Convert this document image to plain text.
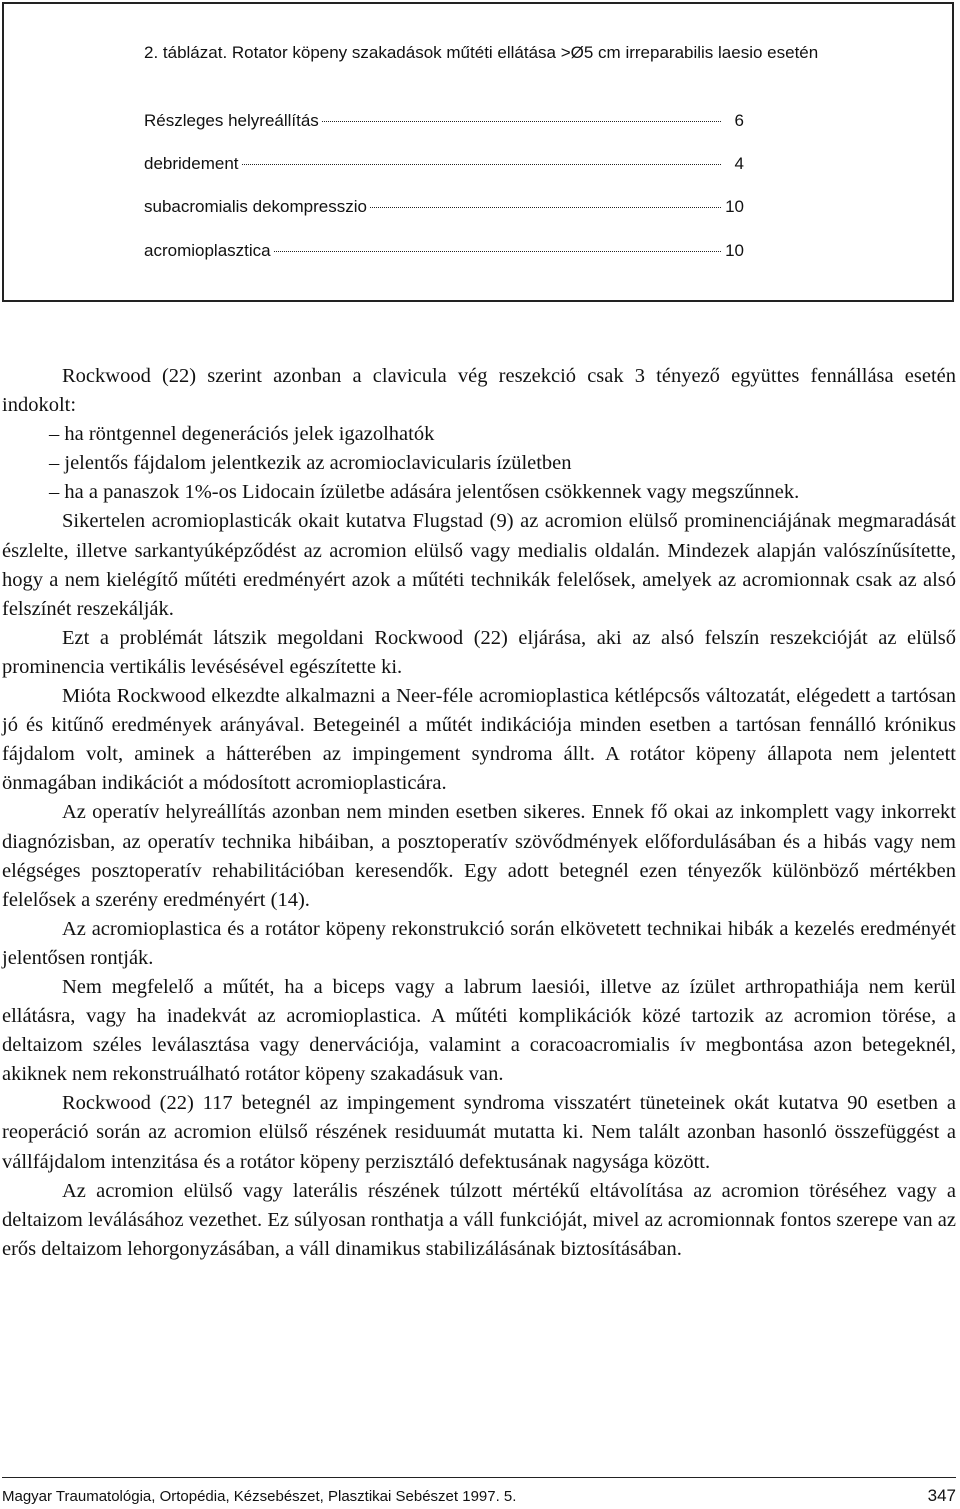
2. táblázat. Rotator köpeny szakadások műtéti ellátása >Ø5 cm irreparabilis laesio esetén
Részleges helyreállítás	6
debridement	4
subacromialis dekompresszio	10
acromioplasztica	10

Rockwood (22) szerint azonban a clavicula vég reszekció csak 3 tényező együttes fennállása esetén indokolt:

– ha röntgennel degenerációs jelek igazolhatók

– jelentős fájdalom jelentkezik az acromioclavicularis ízületben

– ha a panaszok 1%-os Lidocain ízületbe adására jelentősen csökkennek vagy megszűnnek.

Sikertelen acromioplasticák okait kutatva Flugstad (9) az acromion elülső prominenciájának megmaradását észlelte, illetve sarkantyúképződést az acromion elülső vagy medialis oldalán. Mindezek alapján valószínűsítette, hogy a nem kielégítő műtéti eredményért azok a műtéti technikák felelősek, amelyek az acromionnak csak az alsó felszínét reszekálják.

Ezt a problémát látszik megoldani Rockwood (22) eljárása, aki az alsó felszín reszekcióját az elülső prominencia vertikális levésésével egészítette ki.

Mióta Rockwood elkezdte alkalmazni a Neer-féle acromioplastica kétlépcsős változatát, elégedett a tartósan jó és kitűnő eredmények arányával. Betegeinél a műtét indikációja minden esetben a tartósan fennálló krónikus fájdalom volt, aminek a hátterében az impingement syndroma állt. A rotátor köpeny állapota nem jelentett önmagában indikációt a módosított acromioplasticára.

Az operatív helyreállítás azonban nem minden esetben sikeres. Ennek fő okai az inkomplett vagy inkorrekt diagnózisban, az operatív technika hibáiban, a posztoperatív szövődmények előfordulásában és a hibás vagy nem elégséges posztoperatív rehabilitációban keresendők. Egy adott betegnél ezen tényezők különböző mértékben felelősek a szerény eredményért (14).

Az acromioplastica és a rotátor köpeny rekonstrukció során elkövetett technikai hibák a kezelés eredményét jelentősen rontják.

Nem megfelelő a műtét, ha a biceps vagy a labrum laesiói, illetve az ízület arthropathiája nem kerül ellátásra, vagy ha inadekvát az acromioplastica. A műtéti komplikációk közé tartozik az acromion törése, a deltaizom széles leválasztása vagy denervációja, valamint a coracoacromialis ív megbontása azon betegeknél, akiknek nem rekonstruálható rotátor köpeny szakadásuk van.

Rockwood (22) 117 betegnél az impingement syndroma visszatért tüneteinek okát kutatva 90 esetben a reoperáció során az acromion elülső részének residuumát mutatta ki. Nem talált azonban hasonló összefüggést a vállfájdalom intenzitása és a rotátor köpeny perzisztáló defektusának nagysága között.

Az acromion elülső vagy laterális részének túlzott mértékű eltávolítása az acromion töréséhez vagy a deltaizom leválásához vezethet. Ez súlyosan ronthatja a váll funkcióját, mivel az acromionnak fontos szerepe van az erős deltaizom lehorgonyzásában, a váll dinamikus stabilizálásának biztosításában.

Magyar Traumatológia, Ortopédia, Kézsebészet, Plasztikai Sebészet 1997. 5.	347
